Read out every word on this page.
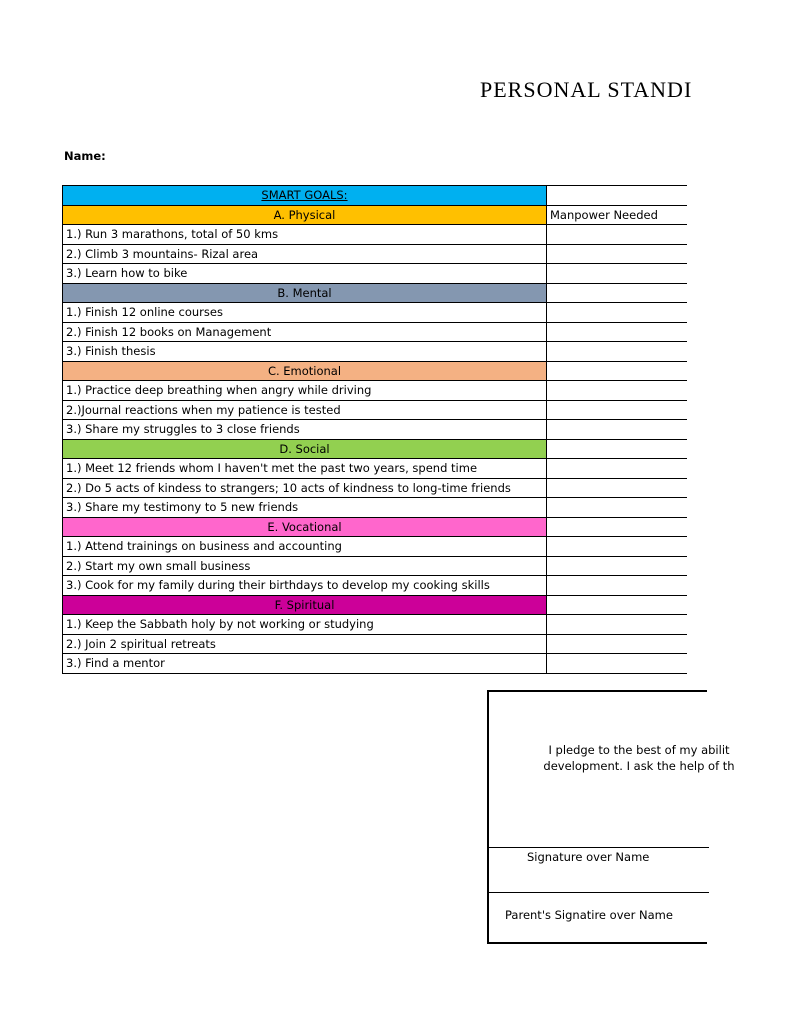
PERSONAL STANDI
Name:
SMART GOALS:	
A. Physical	Manpower Needed
1.) Run 3 marathons, total of 50 kms	
2.) Climb 3 mountains- Rizal area	
3.) Learn how to bike	
B. Mental	
1.) Finish 12 online courses	
2.) Finish 12 books on Management	
3.) Finish thesis	
C. Emotional	
1.) Practice deep breathing when angry while driving	
2.)Journal reactions when my patience is tested	
3.) Share my struggles to 3 close friends	
D. Social	
1.) Meet 12 friends whom I haven't met the past two years, spend time	
2.) Do 5 acts of kindess to strangers; 10 acts of kindness to long-time friends	
3.) Share my testimony to 5 new friends	
E. Vocational	
1.) Attend trainings on business and accounting	
2.) Start my own small business	
3.) Cook for my family during their birthdays to develop my cooking skills	
F. Spiritual	
1.) Keep the Sabbath holy by not working or studying	
2.) Join 2 spiritual retreats	
3.) Find a mentor	
I pledge to the best of my abilit
development. I ask the help of th
Signature over Name
Parent's Signatire over Name
